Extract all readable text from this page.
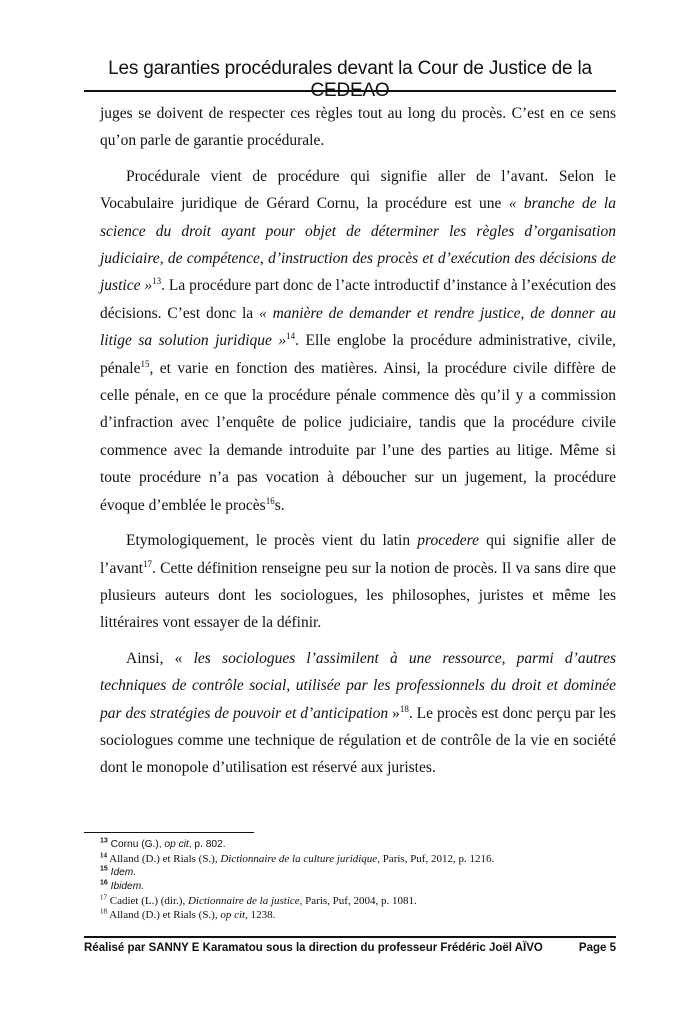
Les garanties procédurales devant la Cour de Justice de la CEDEAO

juges se doivent de respecter ces règles tout au long du procès. C’est en ce sens qu’on parle de garantie procédurale.

Procédurale vient de procédure qui signifie aller de l’avant. Selon le Vocabulaire juridique de Gérard Cornu, la procédure est une « branche de la science du droit ayant pour objet de déterminer les règles d’organisation judiciaire, de compétence, d’instruction des procès et d’exécution des décisions de justice »$^{13}$. La procédure part donc de l’acte introductif d’instance à l’exécution des décisions. C’est donc la « manière de demander et rendre justice, de donner au litige sa solution juridique »$^{14}$. Elle englobe la procédure administrative, civile, pénale$^{15}$, et varie en fonction des matières. Ainsi, la procédure civile diffère de celle pénale, en ce que la procédure pénale commence dès qu’il y a commission d’infraction avec l’enquête de police judiciaire, tandis que la procédure civile commence avec la demande introduite par l’une des parties au litige. Même si toute procédure n’a pas vocation à déboucher sur un jugement, la procédure évoque d’emblée le procès$^{16}$s.

Etymologiquement, le procès vient du latin procedere qui signifie aller de l’avant$^{17}$. Cette définition renseigne peu sur la notion de procès. Il va sans dire que plusieurs auteurs dont les sociologues, les philosophes, juristes et même les littéraires vont essayer de la définir.

Ainsi, « les sociologues l’assimilent à une ressource, parmi d’autres techniques de contrôle social, utilisée par les professionnels du droit et dominée par des stratégies de pouvoir et d’anticipation »$^{18}$. Le procès est donc perçu par les sociologues comme une technique de régulation et de contrôle de la vie en société dont le monopole d’utilisation est réservé aux juristes.

$^{13}$ Cornu (G.), op cit, p. 802.
$^{14}$ Alland (D.) et Rials (S.), Dictionnaire de la culture juridique, Paris, Puf, 2012, p. 1216.
$^{15}$ Idem.
$^{16}$ Ibidem.
$^{17}$ Cadiet (L.) (dir.), Dictionnaire de la justice, Paris, Puf, 2004, p. 1081.
$^{18}$ Alland (D.) et Rials (S.), op cit, 1238.
Réalisé par SANNY E Karamatou sous la direction du professeur Frédéric Joël AÏVO	Page 5
